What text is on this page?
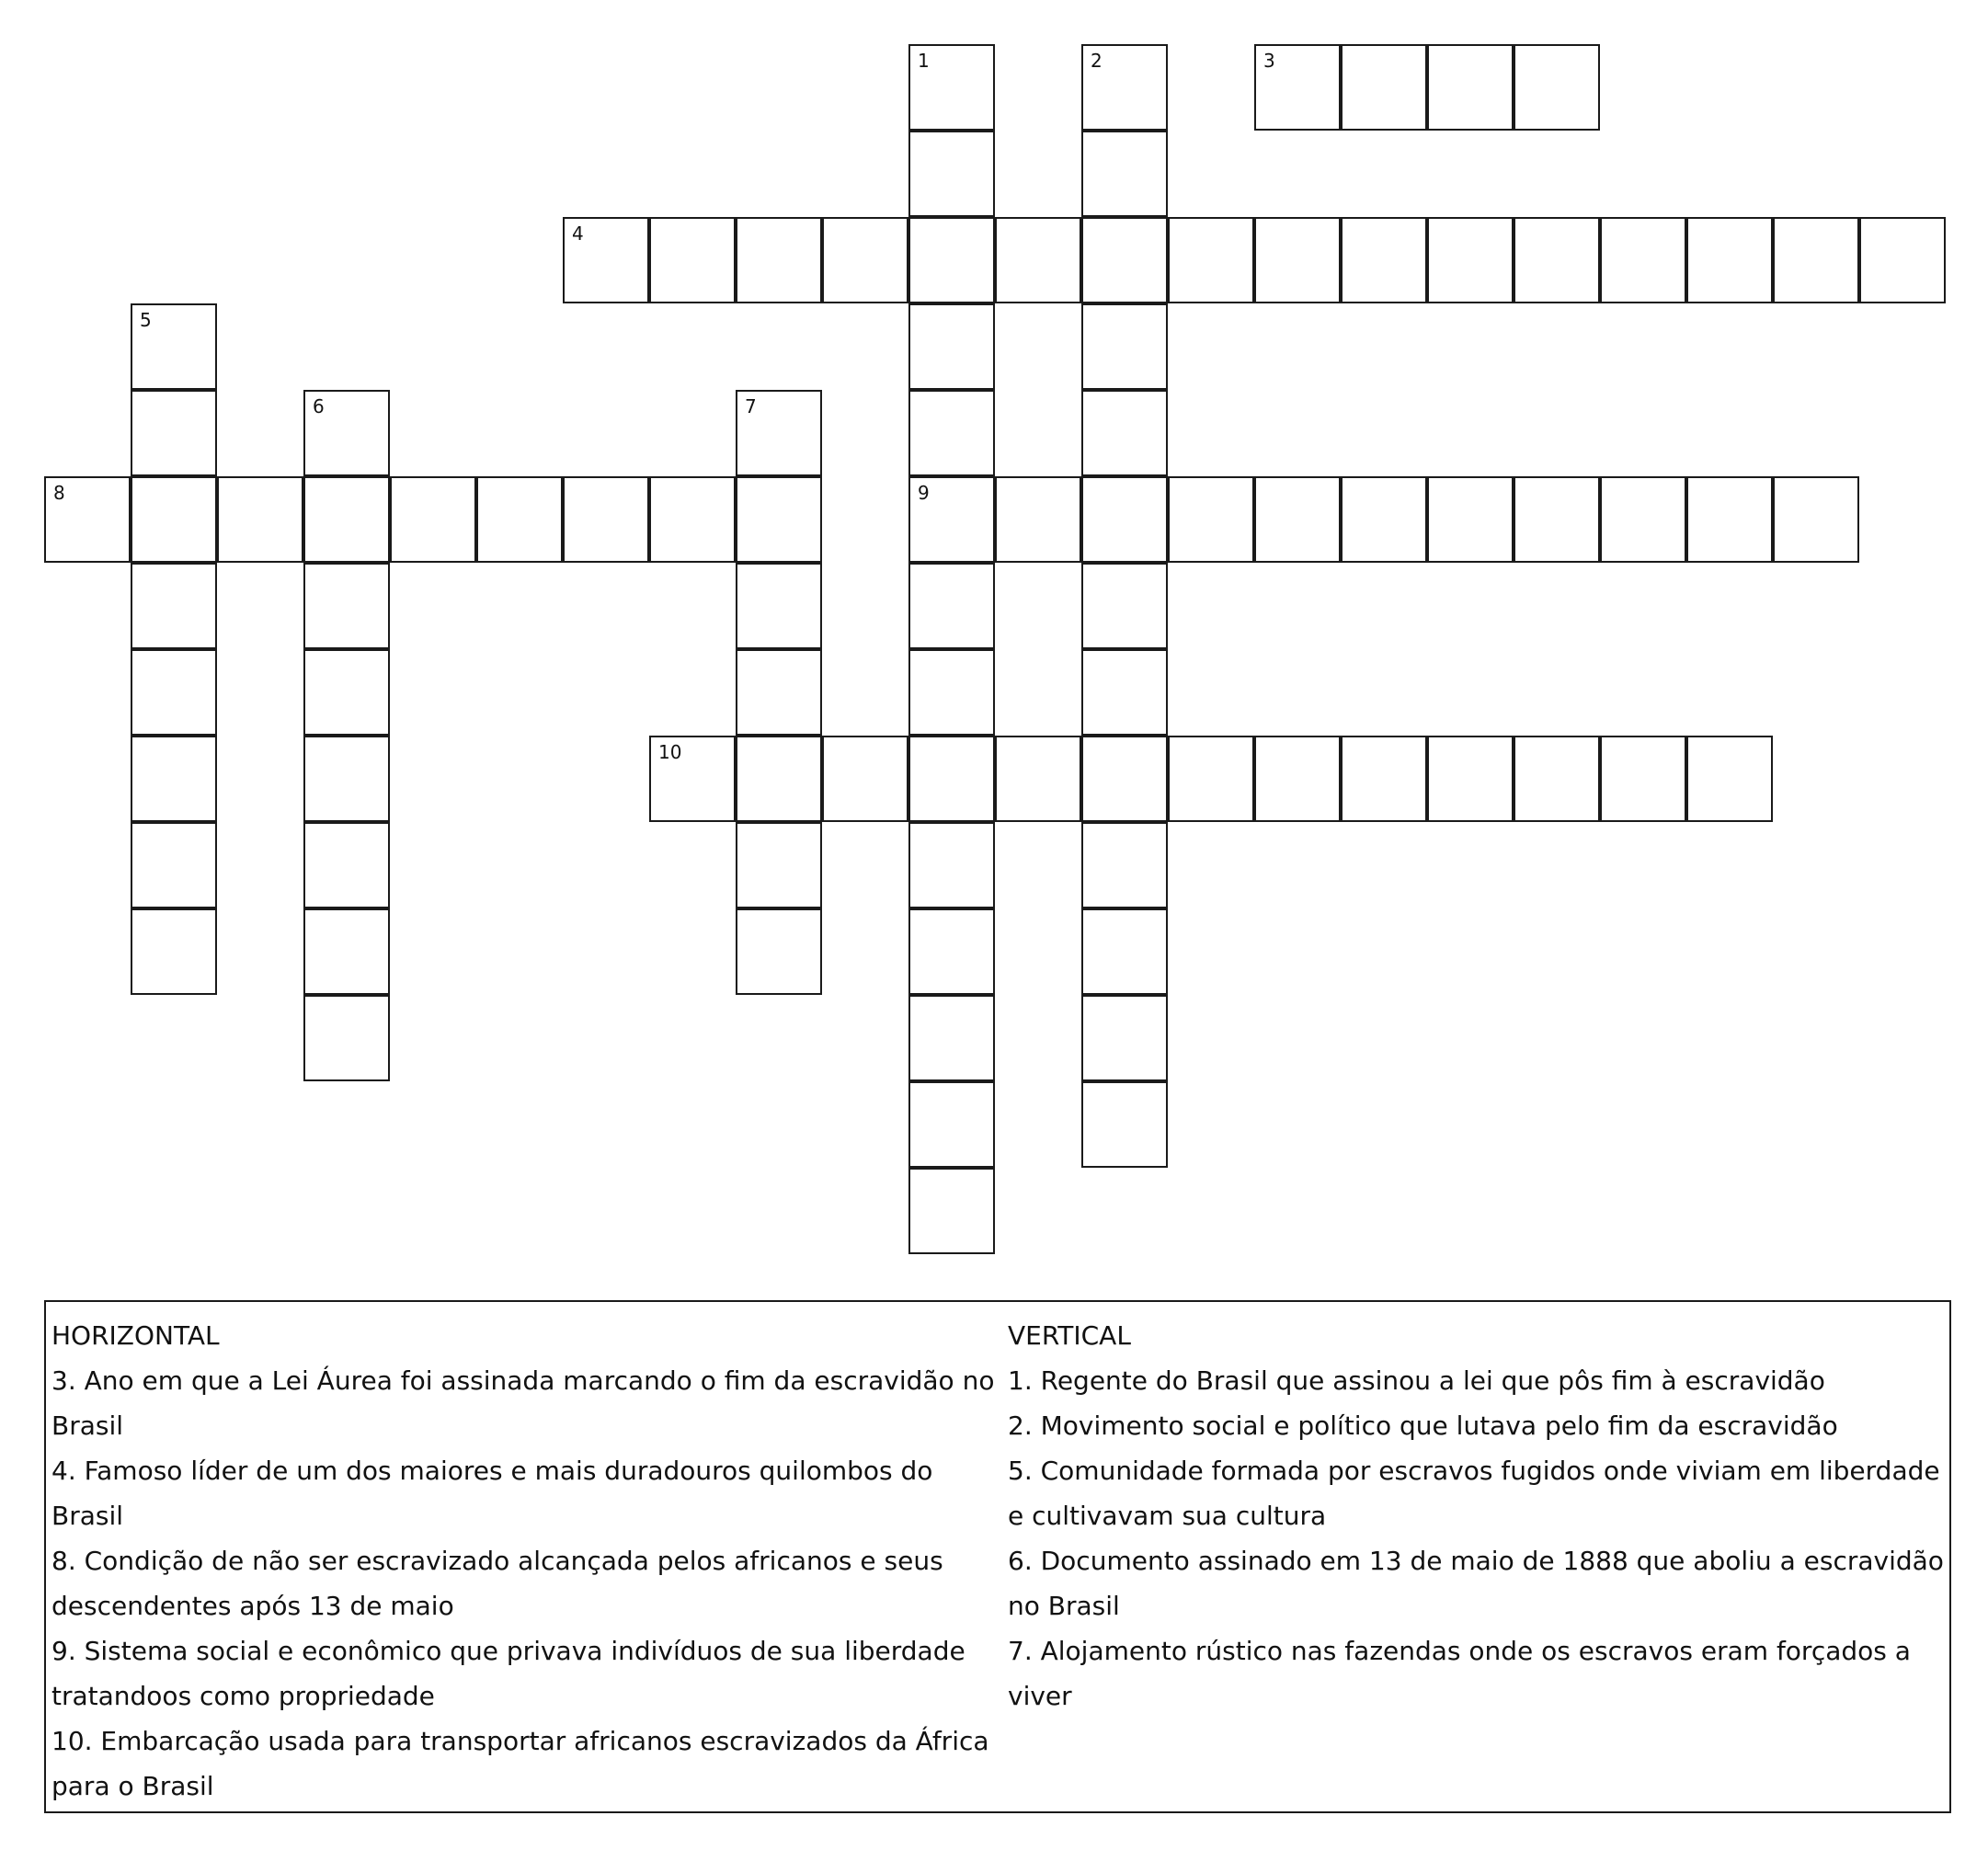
1
9
2	3
4
5
6	7
8
10
HORIZONTAL
3. Ano em que a Lei Áurea foi assinada marcando o fim da escravidão no Brasil
4. Famoso líder de um dos maiores e mais duradouros quilombos do Brasil
8. Condição de não ser escravizado alcançada pelos africanos e seus descendentes após 13 de maio
9. Sistema social e econômico que privava indivíduos de sua liberdade tratandoos como propriedade
10. Embarcação usada para transportar africanos escravizados da África para o Brasil
VERTICAL
1. Regente do Brasil que assinou a lei que pôs fim à escravidão
2. Movimento social e político que lutava pelo fim da escravidão
5. Comunidade formada por escravos fugidos onde viviam em liberdade e cultivavam sua cultura
6. Documento assinado em 13 de maio de 1888 que aboliu a escravidão no Brasil
7. Alojamento rústico nas fazendas onde os escravos eram forçados a viver
